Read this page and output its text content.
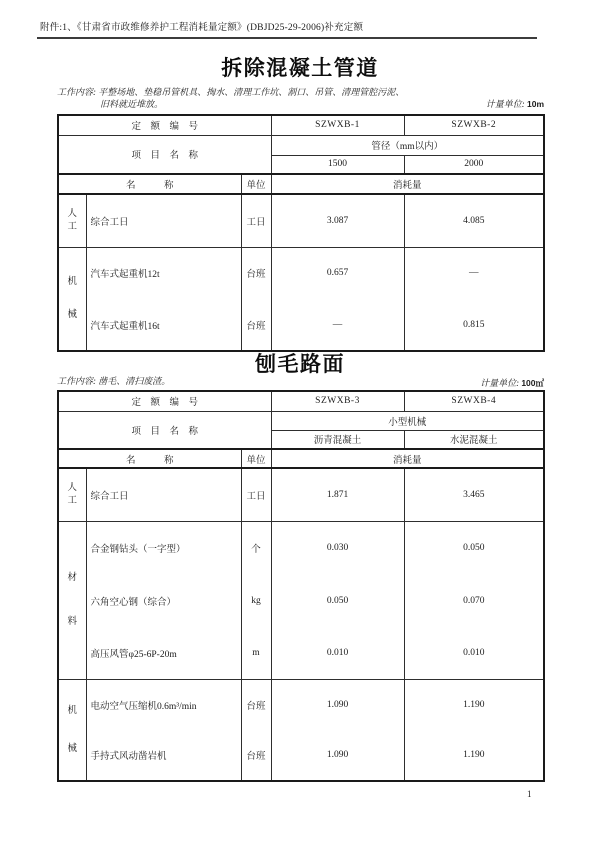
附件:1、《甘肃省市政维修养护工程消耗量定额》(DBJD25-29-2006)补充定额
拆除混凝土管道
工作内容: 平整场地、垫稳吊管机具、掏水、清理工作坑、割口、吊管、清理管腔污泥、
旧料就近堆放。	计量单位: 10m
定　额　编　号			SZWXB-1	SZWXB-2
项　目　名　称			管径（mm以内）	
			1500	2000
名　　　称		单位	消耗量	

人工	综合工日	工日	3.087	4.085

机械	汽车式起重机12t	台班	0.657	—
	汽车式起重机16t	台班	—	0.815
刨毛路面
工作内容: 凿毛、清扫废渣。	计量单位: 100㎡
定　额　编　号			SZWXB-3	SZWXB-4
项　目　名　称			小型机械	
			沥青混凝土	水泥混凝土
名　　　称		单位	消耗量	

人工	综合工日	工日	1.871	3.465

材料	合金钢钻头（一字型）	个	0.030	0.050
	六角空心钢（综合）	kg	0.050	0.070
	高压风管φ25-6P-20m	m	0.010	0.010

机械	电动空气压缩机0.6m³/min	台班	1.090	1.190
	手持式风动凿岩机	台班	1.090	1.190
1
